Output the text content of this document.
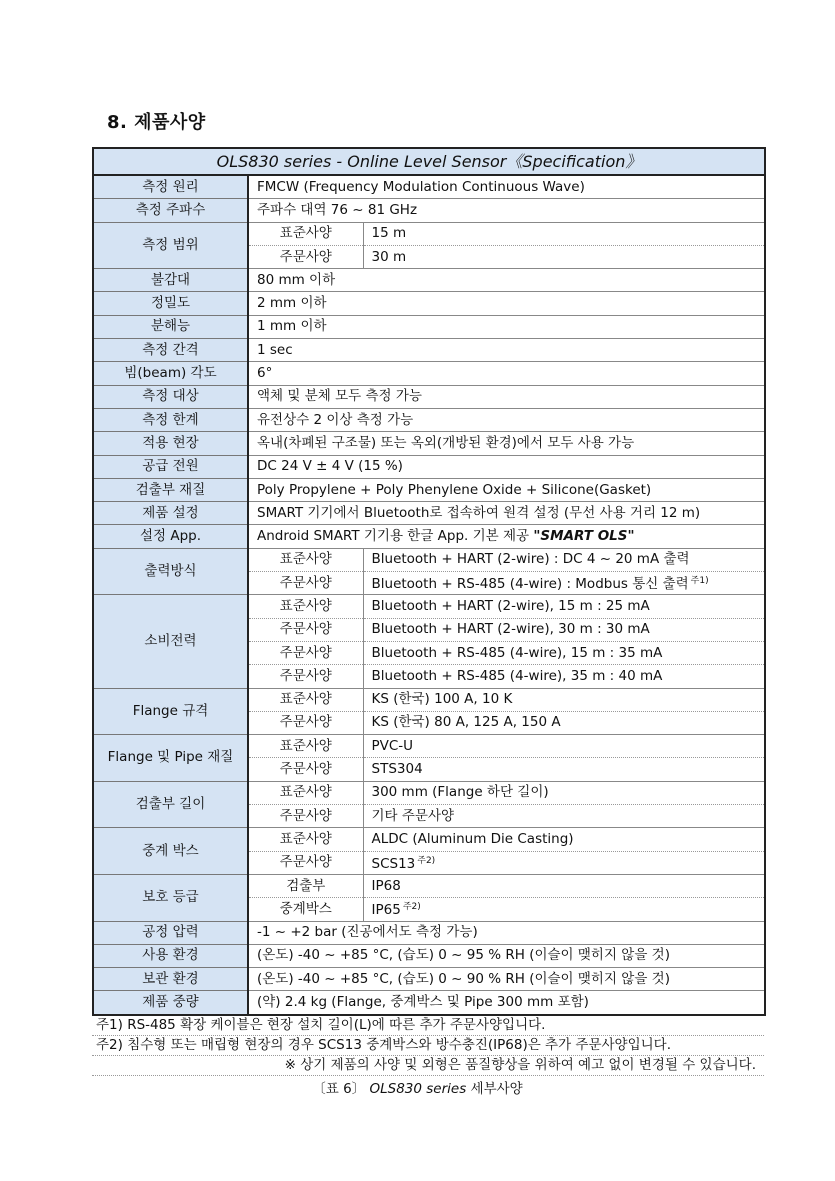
8. 제품사양
OLS830 series - Online Level Sensor《Specification》		
측정 원리	FMCW (Frequency Modulation Continuous Wave)	
측정 주파수	주파수 대역 76 ~ 81 GHz	
측정 범위	표준사양	15 m
	주문사양	30 m
불감대	80 mm 이하	
정밀도	2 mm 이하	
분해능	1 mm 이하	
측정 간격	1 sec	
빔(beam) 각도	6°	
측정 대상	액체 및 분체 모두 측정 가능	
측정 한계	유전상수 2 이상 측정 가능	
적용 현장	옥내(차폐된 구조물) 또는 옥외(개방된 환경)에서 모두 사용 가능	
공급 전원	DC 24 V ± 4 V (15 %)	
검출부 재질	Poly Propylene + Poly Phenylene Oxide + Silicone(Gasket)	
제품 설정	SMART 기기에서 Bluetooth로 접속하여 원격 설정 (무선 사용 거리 12 m)	
설정 App.	Android SMART 기기용 한글 App. 기본 제공 "SMART OLS"	
출력방식	표준사양	Bluetooth + HART (2-wire) : DC 4 ~ 20 mA 출력
	주문사양	Bluetooth + RS-485 (4-wire) : Modbus 통신 출력 $^{주1)}$
소비전력	표준사양	Bluetooth + HART (2-wire), 15 m : 25 mA
	주문사양	Bluetooth + HART (2-wire), 30 m : 30 mA
	주문사양	Bluetooth + RS-485 (4-wire), 15 m : 35 mA
	주문사양	Bluetooth + RS-485 (4-wire), 35 m : 40 mA
Flange 규격	표준사양	KS (한국) 100 A, 10 K
	주문사양	KS (한국) 80 A, 125 A, 150 A
Flange 및 Pipe 재질	표준사양	PVC-U
	주문사양	STS304
검출부 길이	표준사양	300 mm (Flange 하단 길이)
	주문사양	기타 주문사양
중계 박스	표준사양	ALDC (Aluminum Die Casting)
	주문사양	SCS13 $^{주2)}$
보호 등급	검출부	IP68
	중계박스	IP65 $^{주2)}$
공정 압력	-1 ~ +2 bar (진공에서도 측정 가능)	
사용 환경	(온도) -40 ~ +85 °C, (습도) 0 ~ 95 % RH (이슬이 맺히지 않을 것)	
보관 환경	(온도) -40 ~ +85 °C, (습도) 0 ~ 90 % RH (이슬이 맺히지 않을 것)	
제품 중량	(약) 2.4 kg (Flange, 중계박스 및 Pipe 300 mm 포함)	
주1) RS-485 확장 케이블은 현장 설치 길이(L)에 따른 추가 주문사양입니다.
주2) 침수형 또는 매립형 현장의 경우 SCS13 중계박스와 방수충진(IP68)은 추가 주문사양입니다.
※ 상기 제품의 사양 및 외형은 품질향상을 위하여 예고 없이 변경될 수 있습니다.
〔표 6〕 OLS830 series 세부사양
